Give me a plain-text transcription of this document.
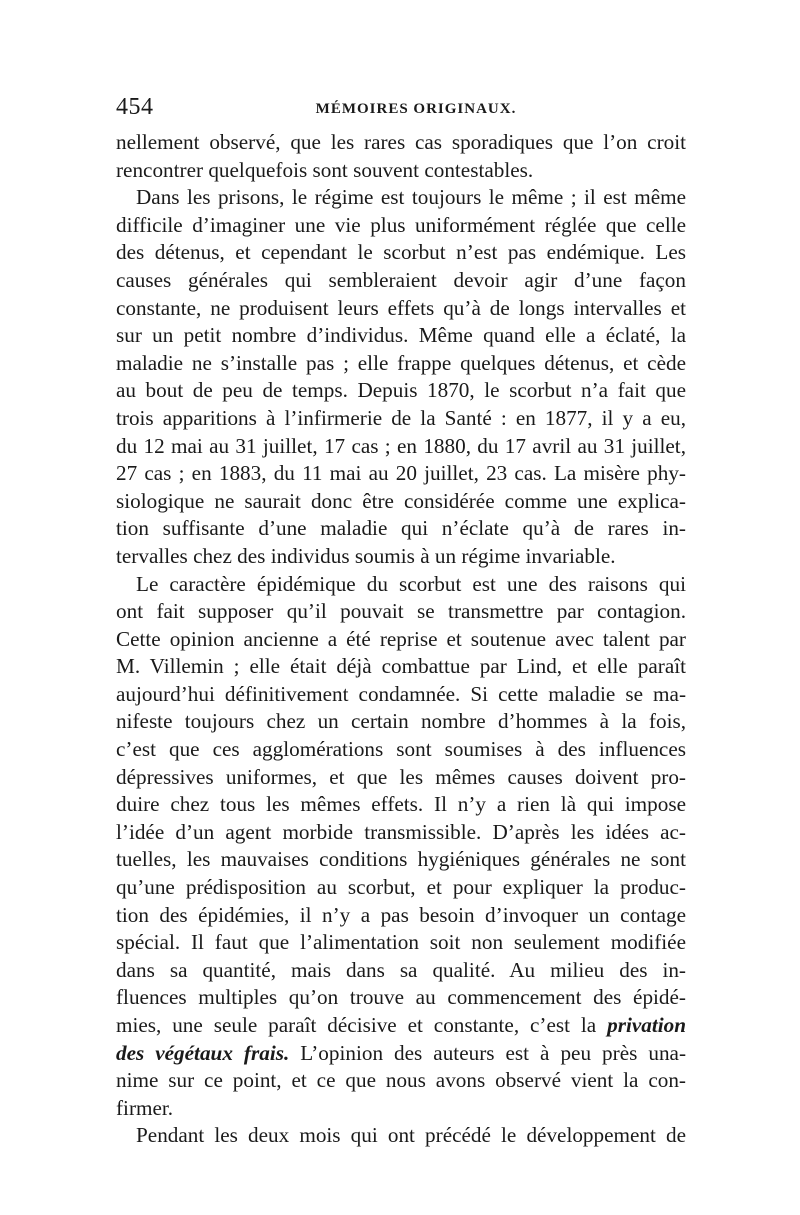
454	MÉMOIRES ORIGINAUX.
nellement observé, que les rares cas sporadiques que l’on croit
rencontrer quelquefois sont souvent contestables.
Dans les prisons, le régime est toujours le même ; il est même
difficile d’imaginer une vie plus uniformément réglée que celle
des détenus, et cependant le scorbut n’est pas endémique. Les
causes générales qui sembleraient devoir agir d’une façon
constante, ne produisent leurs effets qu’à de longs intervalles et
sur un petit nombre d’individus. Même quand elle a éclaté, la
maladie ne s’installe pas ; elle frappe quelques détenus, et cède
au bout de peu de temps. Depuis 1870, le scorbut n’a fait que
trois apparitions à l’infirmerie de la Santé : en 1877, il y a eu,
du 12 mai au 31 juillet, 17 cas ; en 1880, du 17 avril au 31 juillet,
27 cas ; en 1883, du 11 mai au 20 juillet, 23 cas. La misère phy-
siologique ne saurait donc être considérée comme une explica-
tion suffisante d’une maladie qui n’éclate qu’à de rares in-
tervalles chez des individus soumis à un régime invariable.
Le caractère épidémique du scorbut est une des raisons qui
ont fait supposer qu’il pouvait se transmettre par contagion.
Cette opinion ancienne a été reprise et soutenue avec talent par
M. Villemin ; elle était déjà combattue par Lind, et elle paraît
aujourd’hui définitivement condamnée. Si cette maladie se ma-
nifeste toujours chez un certain nombre d’hommes à la fois,
c’est que ces agglomérations sont soumises à des influences
dépressives uniformes, et que les mêmes causes doivent pro-
duire chez tous les mêmes effets. Il n’y a rien là qui impose
l’idée d’un agent morbide transmissible. D’après les idées ac-
tuelles, les mauvaises conditions hygiéniques générales ne sont
qu’une prédisposition au scorbut, et pour expliquer la produc-
tion des épidémies, il n’y a pas besoin d’invoquer un contage
spécial. Il faut que l’alimentation soit non seulement modifiée
dans sa quantité, mais dans sa qualité. Au milieu des in-
fluences multiples qu’on trouve au commencement des épidé-
mies, une seule paraît décisive et constante, c’est la privation
des végétaux frais. L’opinion des auteurs est à peu près una-
nime sur ce point, et ce que nous avons observé vient la con-
firmer.
Pendant les deux mois qui ont précédé le développement de
